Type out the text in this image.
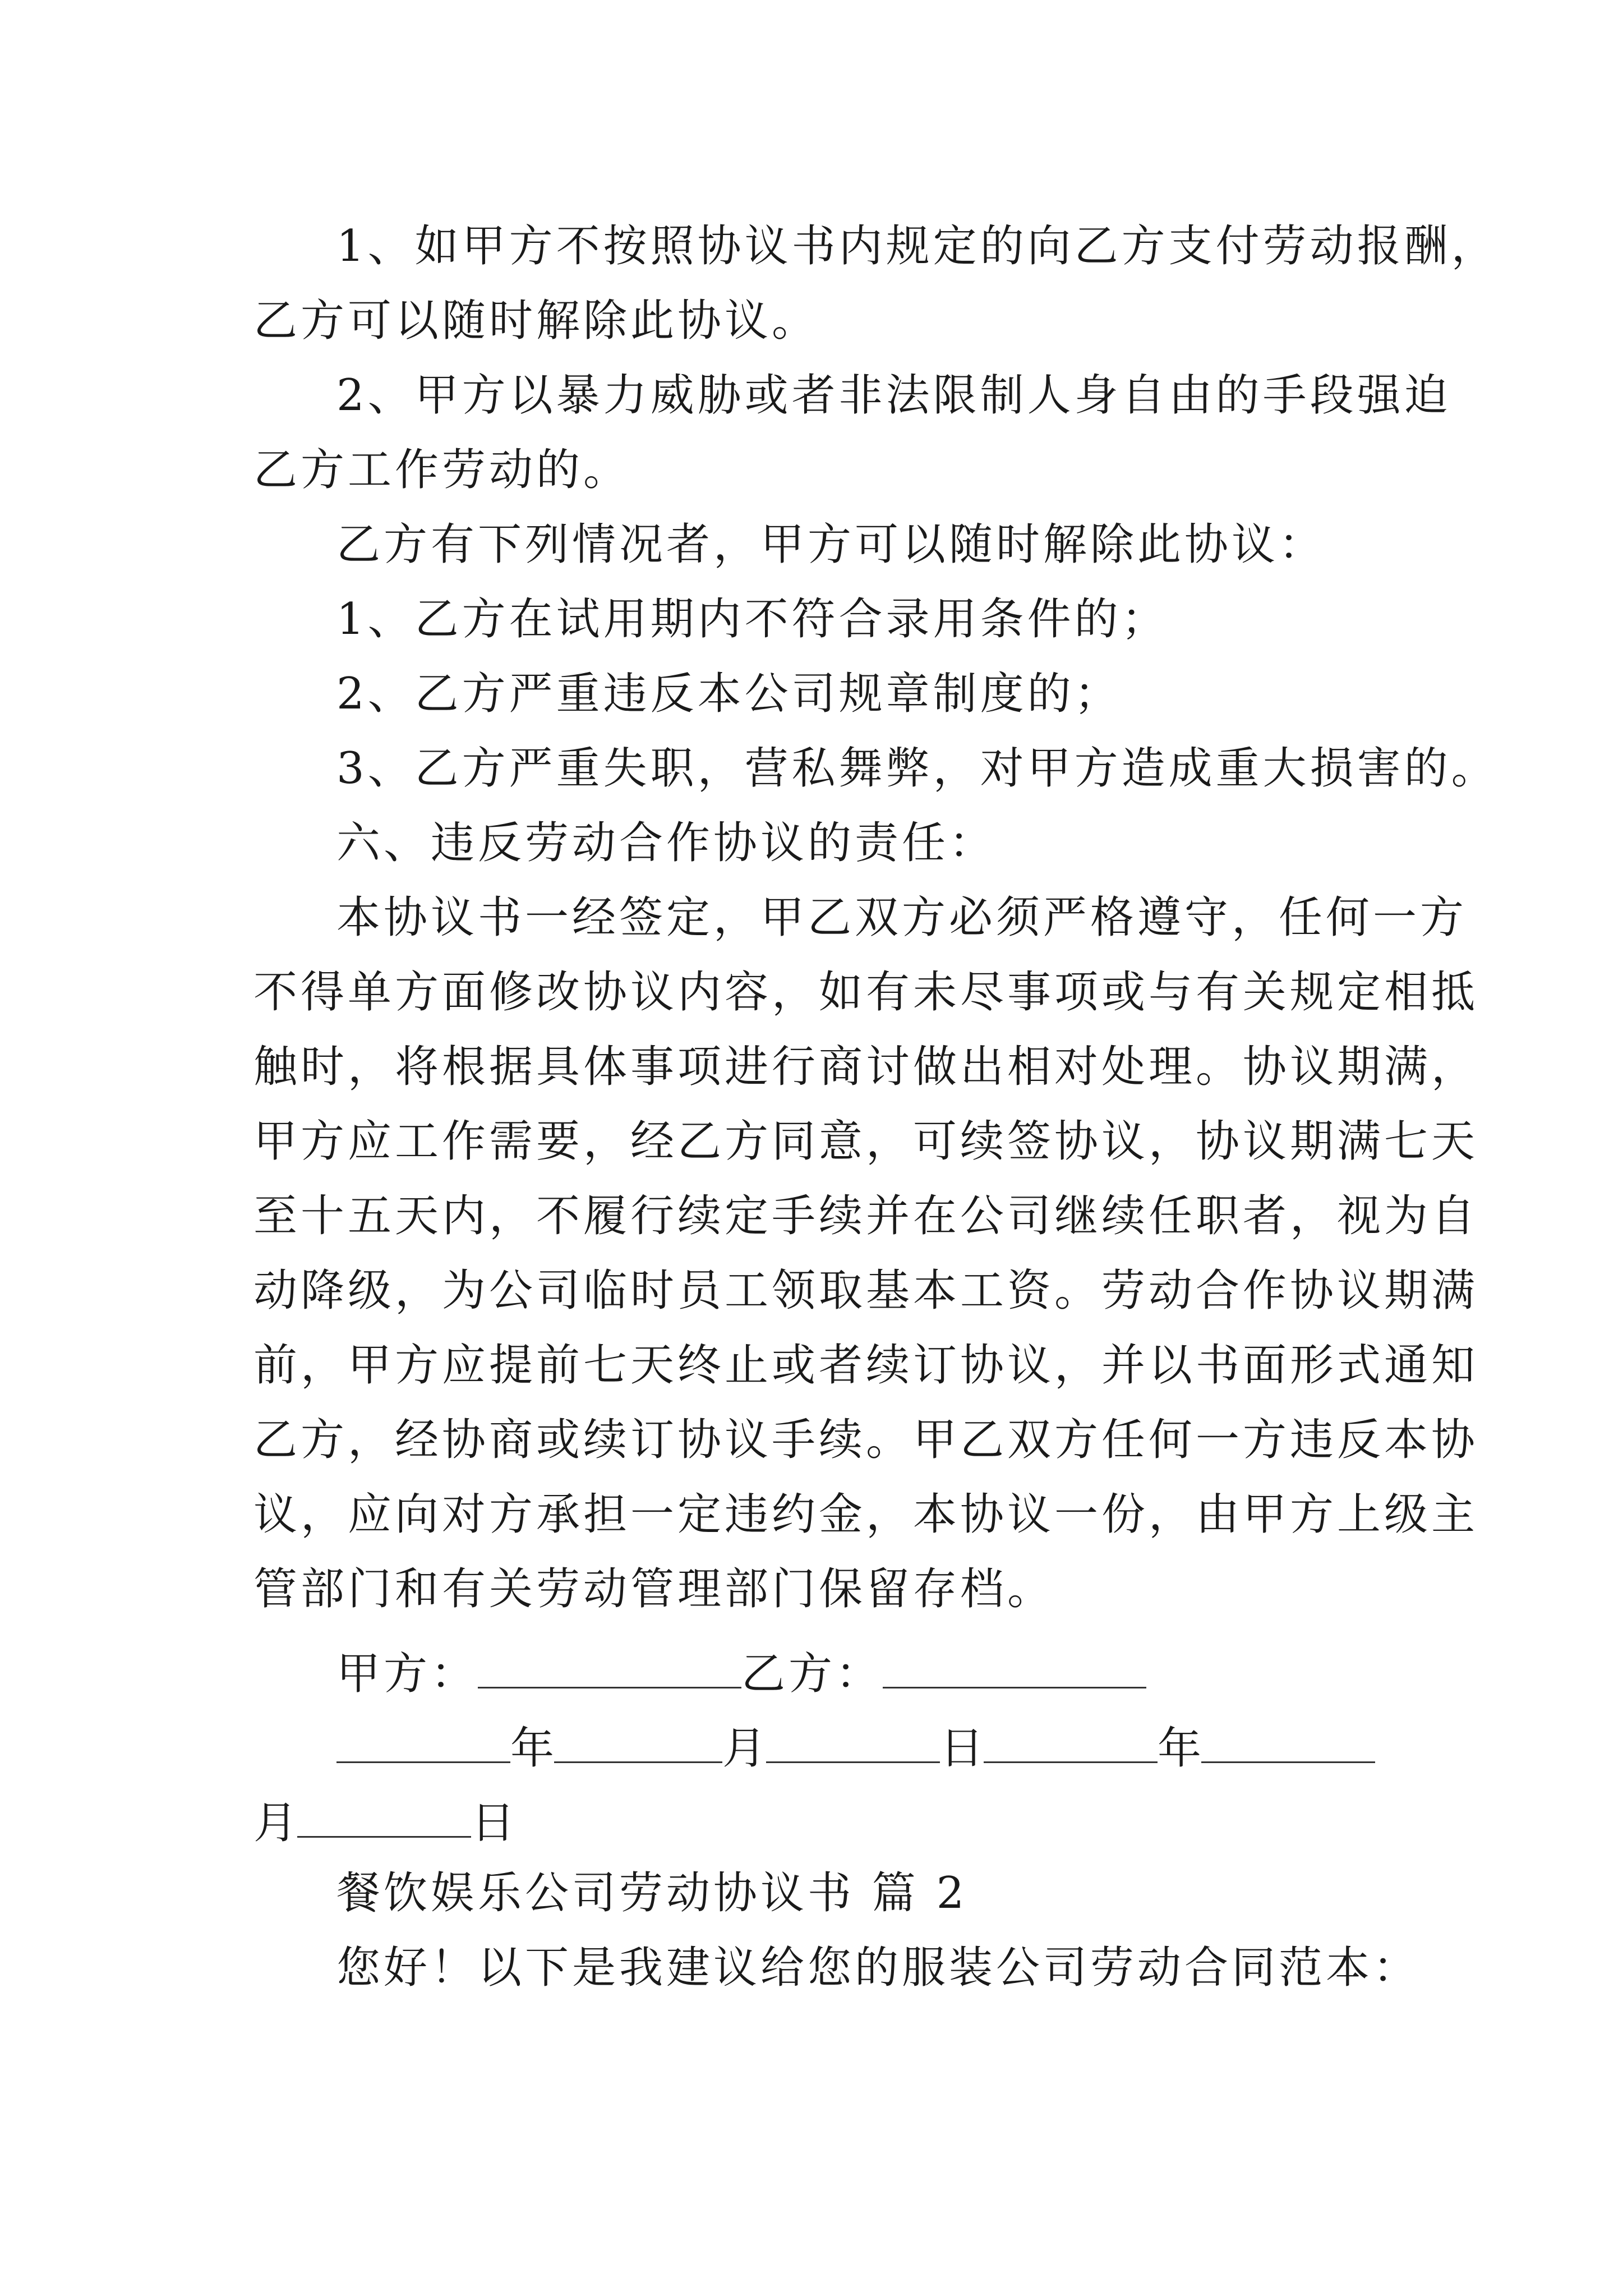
1、如甲方不按照协议书内规定的向乙方支付劳动报酬，
乙方可以随时解除此协议。
2、甲方以暴力威胁或者非法限制人身自由的手段强迫
乙方工作劳动的。
乙方有下列情况者，甲方可以随时解除此协议：
1、乙方在试用期内不符合录用条件的；
2、乙方严重违反本公司规章制度的；
3、乙方严重失职，营私舞弊，对甲方造成重大损害的。
六、违反劳动合作协议的责任：
本协议书一经签定，甲乙双方必须严格遵守，任何一方
不得单方面修改协议内容，如有未尽事项或与有关规定相抵
触时，将根据具体事项进行商讨做出相对处理。协议期满，
甲方应工作需要，经乙方同意，可续签协议，协议期满七天
至十五天内，不履行续定手续并在公司继续任职者，视为自
动降级，为公司临时员工领取基本工资。劳动合作协议期满
前，甲方应提前七天终止或者续订协议，并以书面形式通知
乙方，经协商或续订协议手续。甲乙双方任何一方违反本协
议，应向对方承担一定违约金，本协议一份，由甲方上级主
管部门和有关劳动管理部门保留存档。
甲方：	乙方：
年	月	日	年
月	日
餐饮娱乐公司劳动协议书 篇 2
您好！以下是我建议给您的服装公司劳动合同范本：
